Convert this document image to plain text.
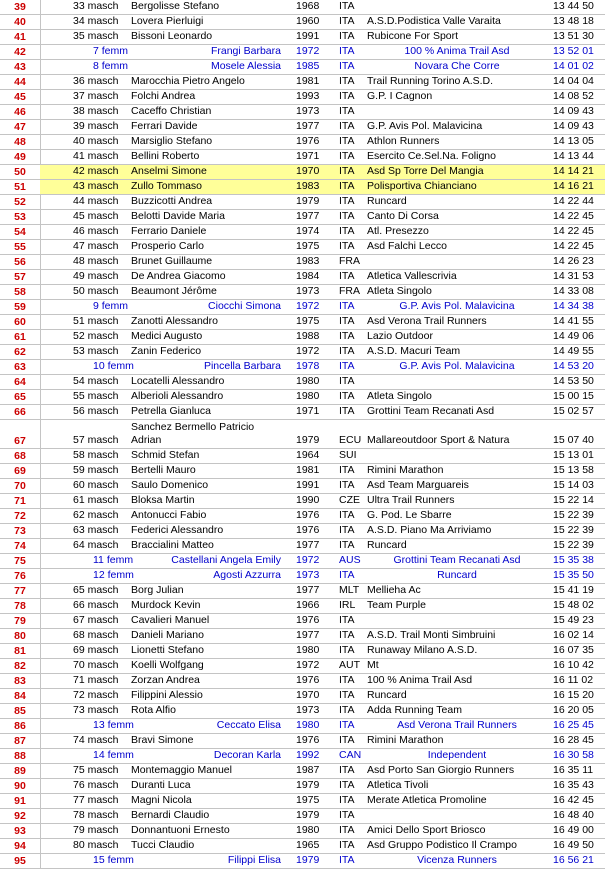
39	33 masch Bergolisse Stefano	1968 ITA	13 44 50
40	34 masch Lovera Pierluigi	1960 ITA A.S.D.Podistica Valle Varaita	13 48 18
41	35 masch Bissoni Leonardo	1991 ITA Rubicone For Sport	13 51 30
42	7 femm	Frangi Barbara 1972 ITA	100 % Anima Trail Asd	13 52 01
43	8 femm	Mosele Alessia 1985 ITA	Novara Che Corre	14 01 02
44	36 masch Marocchia Pietro Angelo	1981 ITA Trail Running Torino A.S.D.	14 04 04
45	37 masch Folchi Andrea	1993 ITA G.P. I Cagnon	14 08 52
46	38 masch Caceffo Christian	1973 ITA	14 09 43
47	39 masch Ferrari Davide	1977 ITA G.P. Avis Pol. Malavicina	14 09 43
48	40 masch Marsiglio Stefano	1976 ITA Athlon Runners	14 13 05
49	41 masch Bellini Roberto	1971 ITA Esercito Ce.Sel.Na. Foligno	14 13 44
50	42 masch Anselmi Simone	1970 ITA Asd Sp Torre Del Mangia	14 14 21
51	43 masch Zullo Tommaso	1983 ITA Polisportiva Chianciano	14 16 21
52	44 masch Buzzicotti Andrea	1979 ITA Runcard	14 22 44
53	45 masch Belotti Davide Maria	1977 ITA Canto Di Corsa	14 22 45
54	46 masch Ferrario Daniele	1974 ITA Atl. Presezzo	14 22 45
55	47 masch Prosperio Carlo	1975 ITA Asd Falchi Lecco	14 22 45
56	48 masch Brunet Guillaume	1983 FRA	14 26 23
57	49 masch De Andrea Giacomo	1984 ITA Atletica Vallescrivia	14 31 53
58	50 masch Beaumont Jérôme	1973 FRA Atleta Singolo	14 33 08
59	9 femm	Ciocchi Simona 1972 ITA	G.P. Avis Pol. Malavicina	14 34 38
60	51 masch Zanotti Alessandro	1975 ITA Asd Verona Trail Runners	14 41 55
61	52 masch Medici Augusto	1988 ITA Lazio Outdoor	14 49 06
62	53 masch Zanin Federico	1972 ITA A.S.D. Macuri Team	14 49 55
63	10 femm	Pincella Barbara 1978 ITA	G.P. Avis Pol. Malavicina	14 53 20
64	54 masch Locatelli Alessandro	1980 ITA	14 53 50
65	55 masch Alberioli Alessandro	1980 ITA Atleta Singolo	15 00 15
66	56 masch Petrella Gianluca	1971 ITA Grottini Team Recanati Asd	15 02 57
67	57 masch
Sanchez Bermello Patricio
Adrian	1979 ECU Mallareoutdoor Sport & Natura	15 07 40
68	58 masch Schmid Stefan	1964 SUI	15 13 01
69	59 masch Bertelli Mauro	1981 ITA Rimini Marathon	15 13 58
70	60 masch Saulo Domenico	1991 ITA Asd Team Marguareis	15 14 03
71	61 masch Bloksa Martin	1990 CZE Ultra Trail Runners	15 22 14
72	62 masch Antonucci Fabio	1976 ITA G. Pod. Le Sbarre	15 22 39
73	63 masch Federici Alessandro	1976 ITA A.S.D. Piano Ma Arriviamo	15 22 39
74	64 masch Braccialini Matteo	1977 ITA Runcard	15 22 39
75	11 femm	Castellani Angela Emily 1972 AUS	Grottini Team Recanati Asd	15 35 38
76	12 femm	Agosti Azzurra 1973 ITA	Runcard	15 35 50
77	65 masch Borg Julian	1977 MLT Mellieha Ac	15 41 19
78	66 masch Murdock Kevin	1966 IRL Team Purple	15 48 02
79	67 masch Cavalieri Manuel	1976 ITA	15 49 23
80	68 masch Danieli Mariano	1977 ITA A.S.D. Trail Monti Simbruini	16 02 14
81	69 masch Lionetti Stefano	1980 ITA Runaway Milano A.S.D.	16 07 35
82	70 masch Koelli Wolfgang	1972 AUT Mt	16 10 42
83	71 masch Zorzan Andrea	1976 ITA 100 % Anima Trail Asd	16 11 02
84	72 masch Filippini Alessio	1970 ITA Runcard	16 15 20
85	73 masch Rota Alfio	1973 ITA Adda Running Team	16 20 05
86	13 femm	Ceccato Elisa 1980 ITA	Asd Verona Trail Runners	16 25 45
87	74 masch Bravi Simone	1976 ITA Rimini Marathon	16 28 45
88	14 femm	Decoran Karla 1992 CAN	Independent	16 30 58
89	75 masch Montemaggio Manuel	1987 ITA Asd Porto San Giorgio Runners	16 35 11
90	76 masch Duranti Luca	1979 ITA Atletica Tivoli	16 35 43
91	77 masch Magni Nicola	1975 ITA Merate Atletica Promoline	16 42 45
92	78 masch Bernardi Claudio	1979 ITA	16 48 40
93	79 masch Donnantuoni Ernesto	1980 ITA Amici Dello Sport Briosco	16 49 00
94	80 masch Tucci Claudio	1965 ITA Asd Gruppo Podistico Il Crampo	16 49 50
95	15 femm	Filippi Elisa 1979 ITA	Vicenza Runners	16 56 21
